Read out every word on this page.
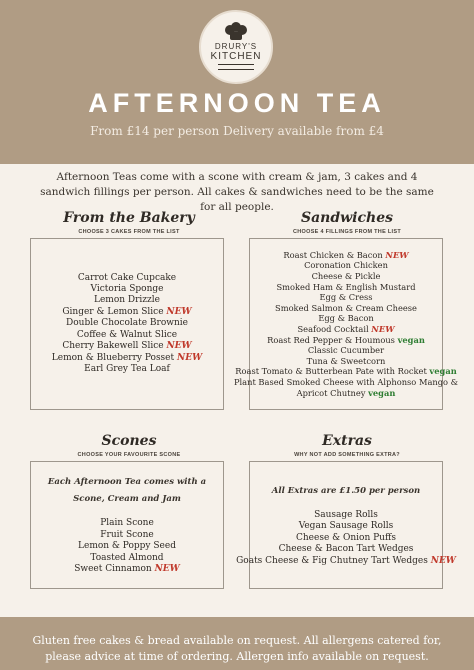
DRURY'S
KITCHEN
AFTERNOON TEA
From £14 per person Delivery available from £4
Afternoon Teas come with a scone with cream & jam, 3 cakes and 4 sandwich fillings per person. All cakes & sandwiches need to be the same for all people.
From the Bakery
CHOOSE 3 CAKES FROM THE LIST
Carrot Cake Cupcake
Victoria Sponge
Lemon Drizzle
Ginger & Lemon Slice NEW
Double Chocolate Brownie
Coffee & Walnut Slice
Cherry Bakewell Slice NEW
Lemon & Blueberry Posset NEW
Earl Grey Tea Loaf
Sandwiches
CHOOSE 4 FILLINGS FROM THE LIST
Roast Chicken & Bacon NEW
Coronation Chicken
Cheese & Pickle
Smoked Ham & English Mustard
Egg & Cress
Smoked Salmon & Cream Cheese
Egg & Bacon
Seafood Cocktail NEW
Roast Red Pepper & Houmous vegan
Classic Cucumber
Tuna & Sweetcorn
Roast Tomato & Butterbean Pate with Rocket vegan
Plant Based Smoked Cheese with Alphonso Mango &
Apricot Chutney vegan
Scones
CHOOSE YOUR FAVOURITE SCONE
Each Afternoon Tea comes with a Scone, Cream and Jam
Plain Scone
Fruit Scone
Lemon & Poppy Seed
Toasted Almond
Sweet Cinnamon NEW
Extras
WHY NOT ADD SOMETHING EXTRA?
All Extras are £1.50 per person
Sausage Rolls
Vegan Sausage Rolls
Cheese & Onion Puffs
Cheese & Bacon Tart Wedges
Goats Cheese & Fig Chutney Tart Wedges NEW
Gluten free cakes & bread available on request. All allergens catered for, please advice at time of ordering. Allergen info available on request.
